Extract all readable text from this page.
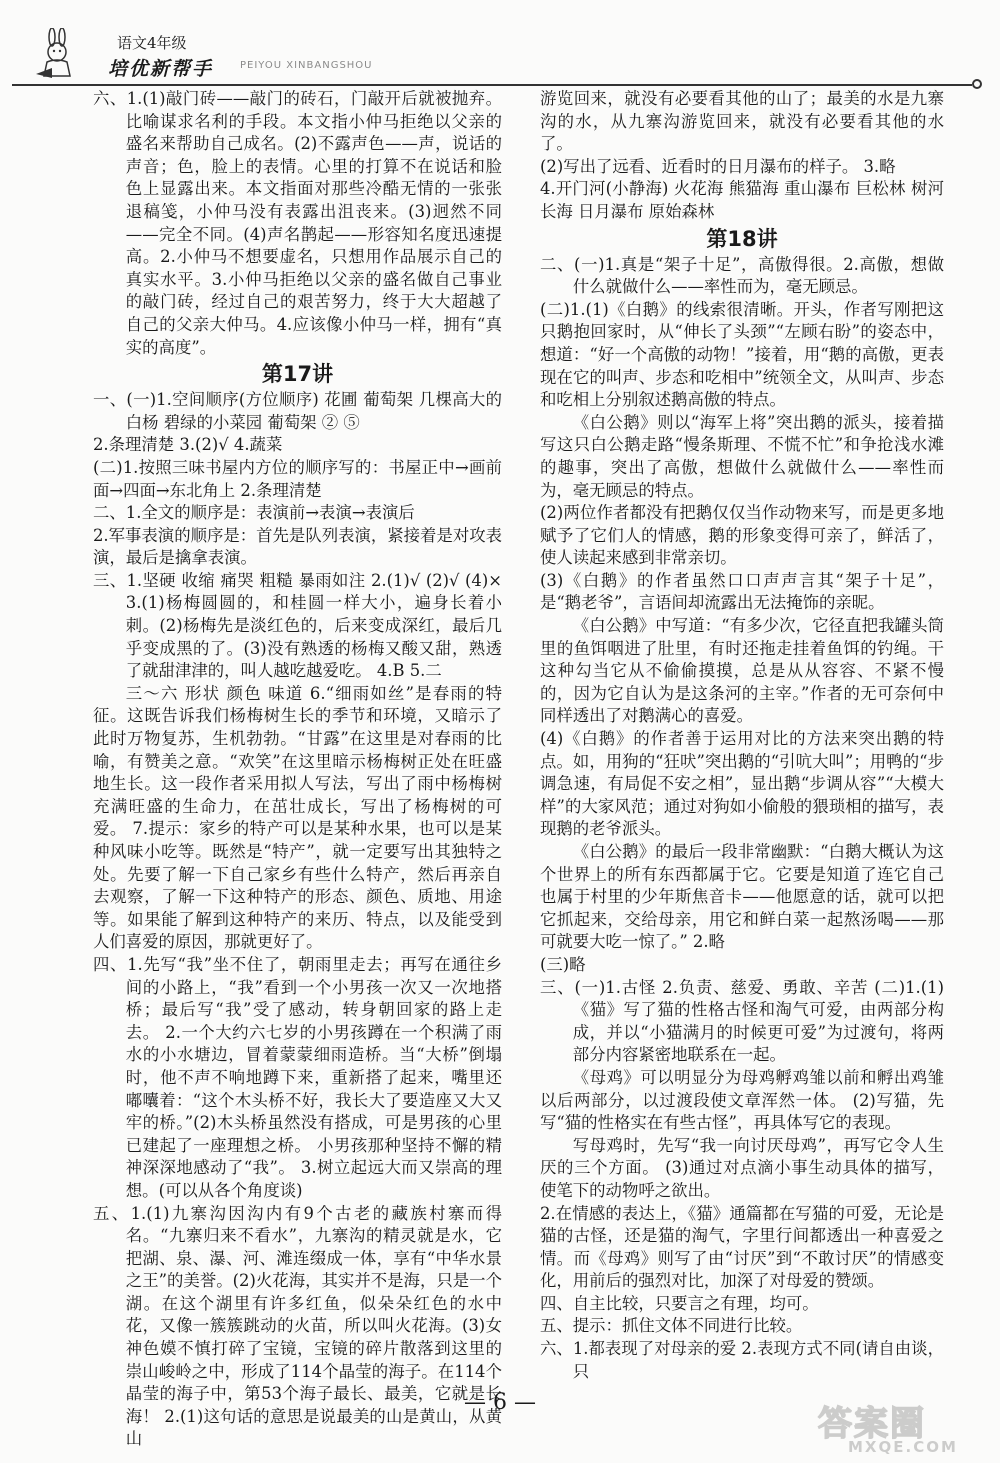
语文4年级
培优新帮手	PEIYOU XINBANGSHOU

六、1.(1)敲门砖——敲门的砖石，门敲开后就被抛弃。比喻谋求名利的手段。本文指小仲马拒绝以父亲的盛名来帮助自己成名。(2)不露声色——声，说话的声音；色，脸上的表情。心里的打算不在说话和脸色上显露出来。本文指面对那些冷酷无情的一张张退稿笺，小仲马没有表露出沮丧来。(3)迥然不同——完全不同。(4)声名鹊起——形容知名度迅速提高。2.小仲马不想要虚名，只想用作品展示自己的真实水平。3.小仲马拒绝以父亲的盛名做自己事业的敲门砖，经过自己的艰苦努力，终于大大超越了自己的父亲大仲马。4.应该像小仲马一样，拥有“真实的高度”。

第17讲

一、(一)1.空间顺序(方位顺序) 花圃 葡萄架 几棵高大的白杨 碧绿的小菜园 葡萄架 ② ⑤

2.条理清楚 3.(2)√ 4.蔬菜

(二)1.按照三味书屋内方位的顺序写的：书屋正中→画前面→四面→东北角上 2.条理清楚

二、1.全文的顺序是：表演前→表演→表演后

2.军事表演的顺序是：首先是队列表演，紧接着是对攻表演，最后是擒拿表演。

三、1.坚硬 收缩 痛哭 粗糙 暴雨如注 2.(1)√ (2)√ (4)× 3.(1)杨梅圆圆的，和桂圆一样大小，遍身长着小刺。(2)杨梅先是淡红色的，后来变成深红，最后几乎变成黑的了。(3)没有熟透的杨梅又酸又甜，熟透了就甜津津的，叫人越吃越爱吃。 4.B 5.二

三～六 形状 颜色 味道 6.“细雨如丝”是春雨的特征。这既告诉我们杨梅树生长的季节和环境，又暗示了此时万物复苏，生机勃勃。“甘露”在这里是对春雨的比喻，有赞美之意。“欢笑”在这里暗示杨梅树正处在旺盛地生长。这一段作者采用拟人写法，写出了雨中杨梅树充满旺盛的生命力，在茁壮成长，写出了杨梅树的可爱。 7.提示：家乡的特产可以是某种水果，也可以是某种风味小吃等。既然是“特产”，就一定要写出其独特之处。先要了解一下自己家乡有些什么特产，然后再亲自去观察，了解一下这种特产的形态、颜色、质地、用途等。如果能了解到这种特产的来历、特点，以及能受到人们喜爱的原因，那就更好了。

四、1.先写“我”坐不住了，朝雨里走去；再写在通往乡间的小路上，“我”看到一个小男孩一次又一次地搭桥；最后写“我”受了感动，转身朝回家的路上走去。 2.一个大约六七岁的小男孩蹲在一个积满了雨水的小水塘边，冒着蒙蒙细雨造桥。当“大桥”倒塌时，他不声不响地蹲下来，重新搭了起来，嘴里还嘟囔着：“这个木头桥不好，我长大了要造座又大又牢的桥。”(2)木头桥虽然没有搭成，可是男孩的心里已建起了一座理想之桥。 小男孩那种坚持不懈的精神深深地感动了“我”。 3.树立起远大而又崇高的理想。(可以从各个角度谈)

五、1.(1)九寨沟因沟内有9个古老的藏族村寨而得名。“九寨归来不看水”，九寨沟的精灵就是水，它把湖、泉、瀑、河、滩连缀成一体，享有“中华水景之王”的美誉。(2)火花海，其实并不是海，只是一个湖。在这个湖里有许多红鱼，似朵朵红色的水中花，又像一簇簇跳动的火苗，所以叫火花海。(3)女神色嫫不慎打碎了宝镜，宝镜的碎片散落到这里的崇山峻岭之中，形成了114个晶莹的海子。在114个晶莹的海子中，第53个海子最长、最美，它就是长海！ 2.(1)这句话的意思是说最美的山是黄山，从黄山

游览回来，就没有必要看其他的山了；最美的水是九寨沟的水，从九寨沟游览回来，就没有必要看其他的水了。

(2)写出了远看、近看时的日月瀑布的样子。 3.略

4.开门河(小静海) 火花海 熊猫海 重山瀑布 巨松林 树河 长海 日月瀑布 原始森林

第18讲

二、(一)1.真是“架子十足”，高傲得很。2.高傲，想做什么就做什么——率性而为，毫无顾忌。

(二)1.(1)《白鹅》的线索很清晰。开头，作者写刚把这只鹅抱回家时，从“伸长了头颈”“左顾右盼”的姿态中，想道：“好一个高傲的动物！”接着，用“鹅的高傲，更表现在它的叫声、步态和吃相中”统领全文，从叫声、步态和吃相上分别叙述鹅高傲的特点。

《白公鹅》则以“海军上将”突出鹅的派头，接着描写这只白公鹅走路“慢条斯理、不慌不忙”和争抢浅水滩的趣事，突出了高傲，想做什么就做什么——率性而为，毫无顾忌的特点。

(2)两位作者都没有把鹅仅仅当作动物来写，而是更多地赋予了它们人的情感，鹅的形象变得可亲了，鲜活了，使人读起来感到非常亲切。

(3)《白鹅》的作者虽然口口声声言其“架子十足”，是“鹅老爷”，言语间却流露出无法掩饰的亲昵。

《白公鹅》中写道：“有多少次，它径直把我罐头筒里的鱼饵咽进了肚里，有时还拖走挂着鱼饵的钓绳。干这种勾当它从不偷偷摸摸，总是从从容容、不紧不慢的，因为它自认为是这条河的主宰。”作者的无可奈何中同样透出了对鹅满心的喜爱。

(4)《白鹅》的作者善于运用对比的方法来突出鹅的特点。如，用狗的“狂吠”突出鹅的“引吭大叫”；用鸭的“步调急速，有局促不安之相”，显出鹅“步调从容”“大模大样”的大家风范；通过对狗如小偷般的猥琐相的描写，表现鹅的老爷派头。

《白公鹅》的最后一段非常幽默：“白鹅大概认为这个世界上的所有东西都属于它。它要是知道了连它自己也属于村里的少年斯焦音卡——他愿意的话，就可以把它抓起来，交给母亲，用它和鲜白菜一起熬汤喝——那可就要大吃一惊了。” 2.略

(三)略

三、(一)1.古怪 2.负责、慈爱、勇敢、辛苦 (二)1.(1)《猫》写了猫的性格古怪和淘气可爱，由两部分构成，并以“小猫满月的时候更可爱”为过渡句，将两部分内容紧密地联系在一起。

《母鸡》可以明显分为母鸡孵鸡雏以前和孵出鸡雏以后两部分，以过渡段使文章浑然一体。 (2)写猫，先写“猫的性格实在有些古怪”，再具体写它的表现。

写母鸡时，先写“我一向讨厌母鸡”，再写它令人生厌的三个方面。 (3)通过对点滴小事生动具体的描写，使笔下的动物呼之欲出。

2.在情感的表达上，《猫》通篇都在写猫的可爱，无论是猫的古怪，还是猫的淘气，字里行间都透出一种喜爱之情。而《母鸡》则写了由“讨厌”到“不敢讨厌”的情感变化，用前后的强烈对比，加深了对母爱的赞颂。

四、自主比较，只要言之有理，均可。

五、提示：抓住文体不同进行比较。

六、1.都表现了对母亲的爱 2.表现方式不同(请自由谈，只

— 6 —
答案圈
MXQE.COM
